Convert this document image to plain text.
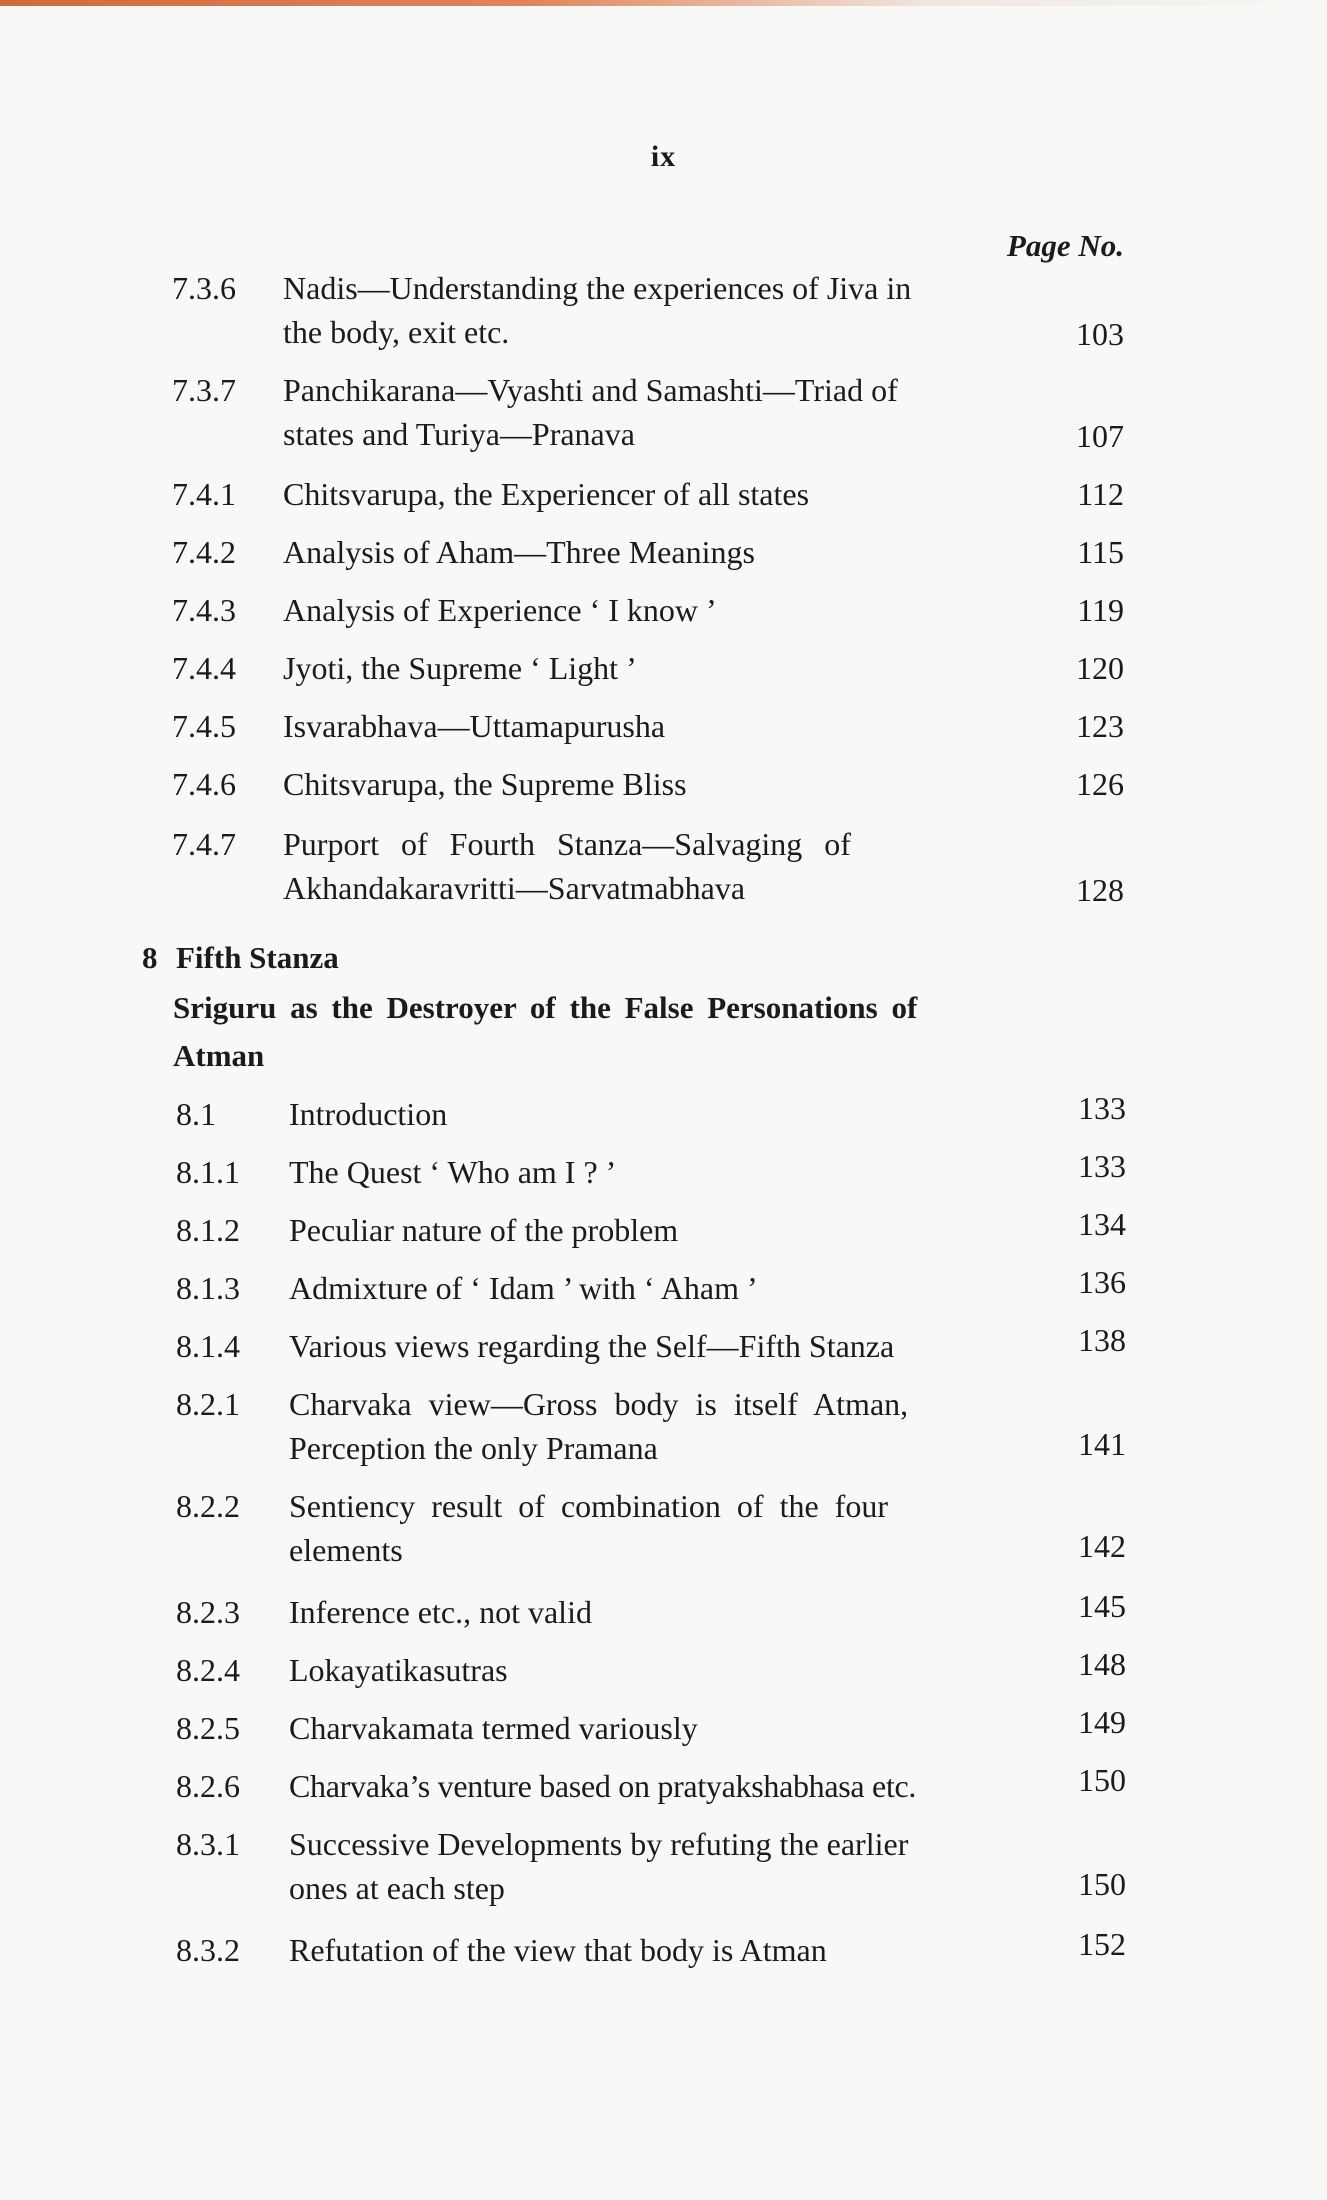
ix
Page No.
7.3.6 Nadis—Understanding the experiences of Jiva in
the body, exit etc.	103
7.3.7 Panchikarana—Vyashti and Samashti—Triad of
states and Turiya—Pranava	107
7.4.1 Chitsvarupa, the Experiencer of all states	112
7.4.2 Analysis of Aham—Three Meanings	115
7.4.3 Analysis of Experience ‘ I know ’	119
7.4.4 Jyoti, the Supreme ‘ Light ’	120
7.4.5 Isvarabhava—Uttamapurusha	123
7.4.6 Chitsvarupa, the Supreme Bliss	126
7.4.7 Purport of Fourth Stanza—Salvaging of
Akhandakaravritti—Sarvatmabhava	128
8 Fifth Stanza
Sriguru as the Destroyer of the False Personations of
Atman
8.1 Introduction	133
8.1.1 The Quest ‘ Who am I ? ’	133
8.1.2 Peculiar nature of the problem	134
8.1.3 Admixture of ‘ Idam ’ with ‘ Aham ’	136
8.1.4 Various views regarding the Self—Fifth Stanza	138
8.2.1 Charvaka view—Gross body is itself Atman,
Perception the only Pramana	141
8.2.2 Sentiency result of combination of the four
elements	142
8.2.3 Inference etc., not valid	145
8.2.4 Lokayatikasutras	148
8.2.5 Charvakamata termed variously	149
8.2.6 Charvaka’s venture based on pratyakshabhasa etc.	150
8.3.1 Successive Developments by refuting the earlier
ones at each step	150
8.3.2 Refutation of the view that body is Atman	152
